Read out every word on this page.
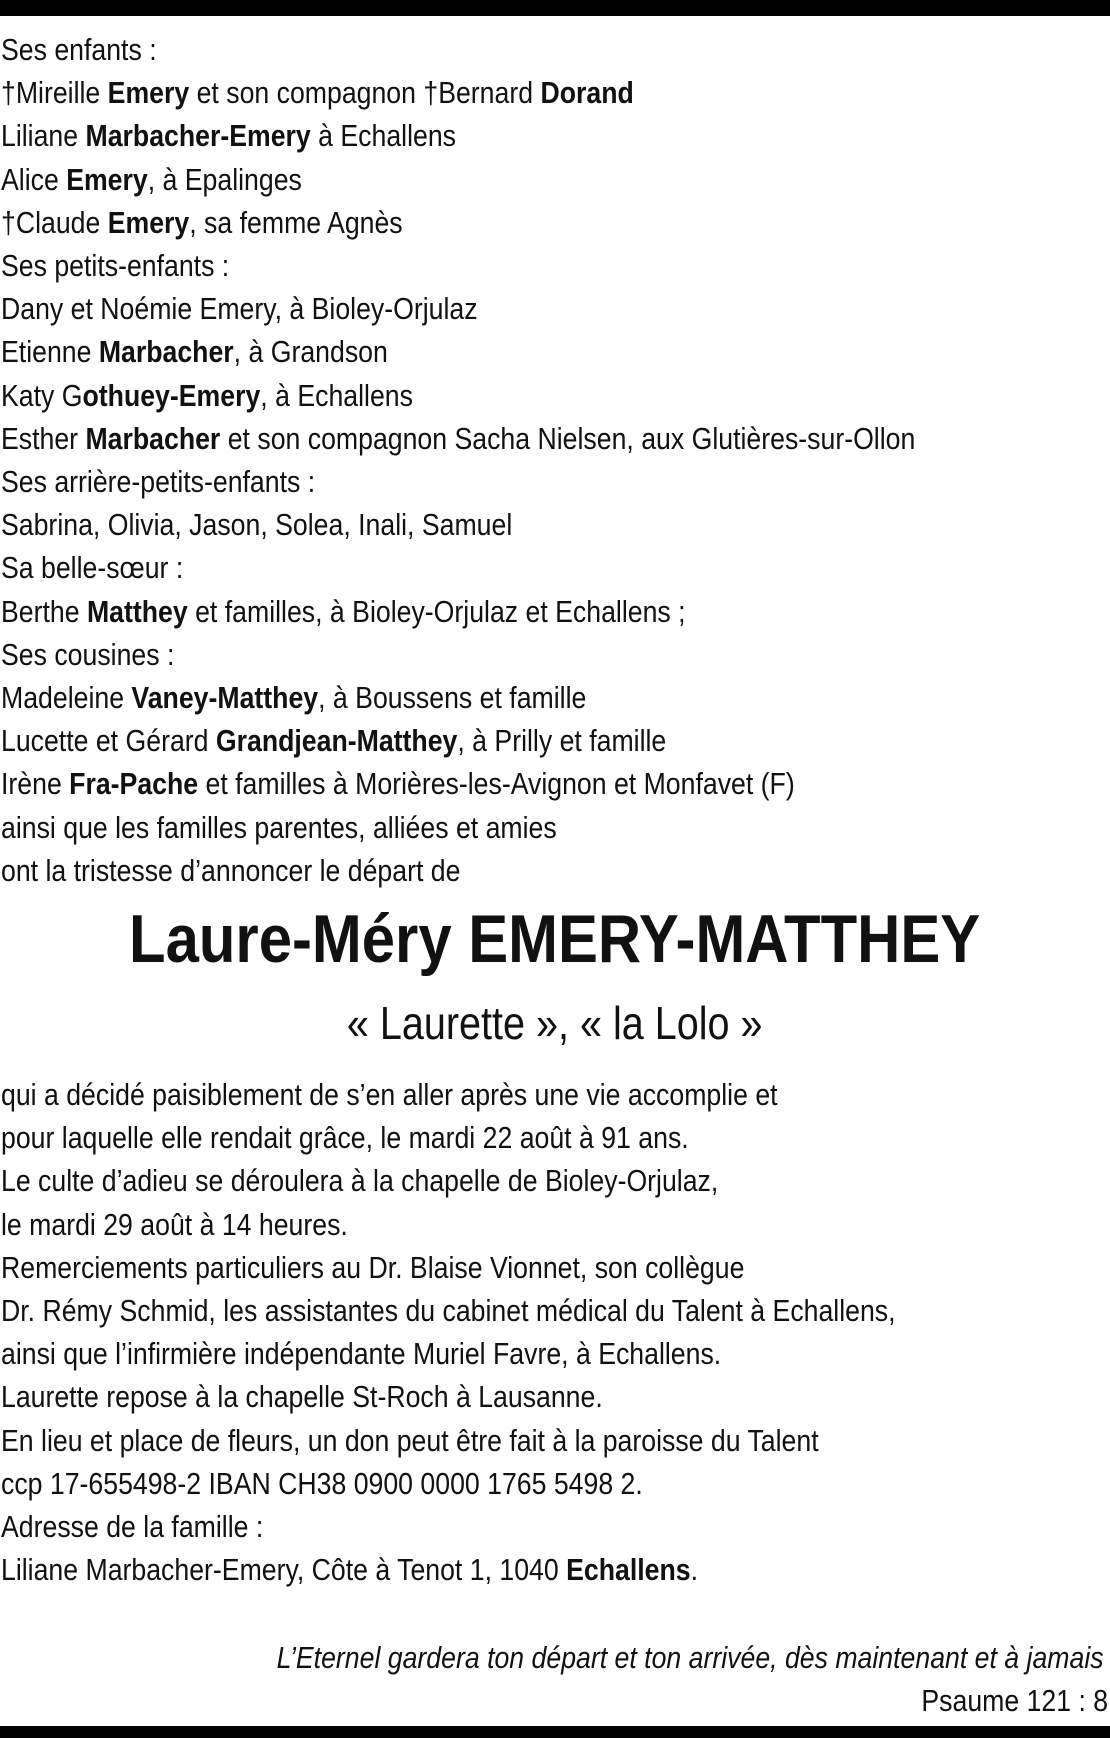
Ses enfants :
†Mireille Emery et son compagnon †Bernard Dorand
Liliane Marbacher-Emery à Echallens
Alice Emery, à Epalinges
†Claude Emery, sa femme Agnès
Ses petits-enfants :
Dany et Noémie Emery, à Bioley-Orjulaz
Etienne Marbacher, à Grandson
Katy Gothuey-Emery, à Echallens
Esther Marbacher et son compagnon Sacha Nielsen, aux Glutières-sur-Ollon
Ses arrière-petits-enfants :
Sabrina, Olivia, Jason, Solea, Inali, Samuel
Sa belle-sœur :
Berthe Matthey et familles, à Bioley-Orjulaz et Echallens ;
Ses cousines :
Madeleine Vaney-Matthey, à Boussens et famille
Lucette et Gérard Grandjean-Matthey, à Prilly et famille
Irène Fra-Pache et familles à Morières-les-Avignon et Monfavet (F)
ainsi que les familles parentes, alliées et amies
ont la tristesse d’annoncer le départ de
Laure-Méry EMERY-MATTHEY
« Laurette », « la Lolo »
qui a décidé paisiblement de s’en aller après une vie accomplie et
pour laquelle elle rendait grâce, le mardi 22 août à 91 ans.
Le culte d’adieu se déroulera à la chapelle de Bioley-Orjulaz,
le mardi 29 août à 14 heures.
Remerciements particuliers au Dr. Blaise Vionnet, son collègue
Dr. Rémy Schmid, les assistantes du cabinet médical du Talent à Echallens,
ainsi que l’infirmière indépendante Muriel Favre, à Echallens.
Laurette repose à la chapelle St-Roch à Lausanne.
En lieu et place de fleurs, un don peut être fait à la paroisse du Talent
ccp 17-655498-2 IBAN CH38 0900 0000 1765 5498 2.
Adresse de la famille :
Liliane Marbacher-Emery, Côte à Tenot 1, 1040 Echallens.
L’Eternel gardera ton départ et ton arrivée, dès maintenant et à jamais
Psaume 121 : 8
